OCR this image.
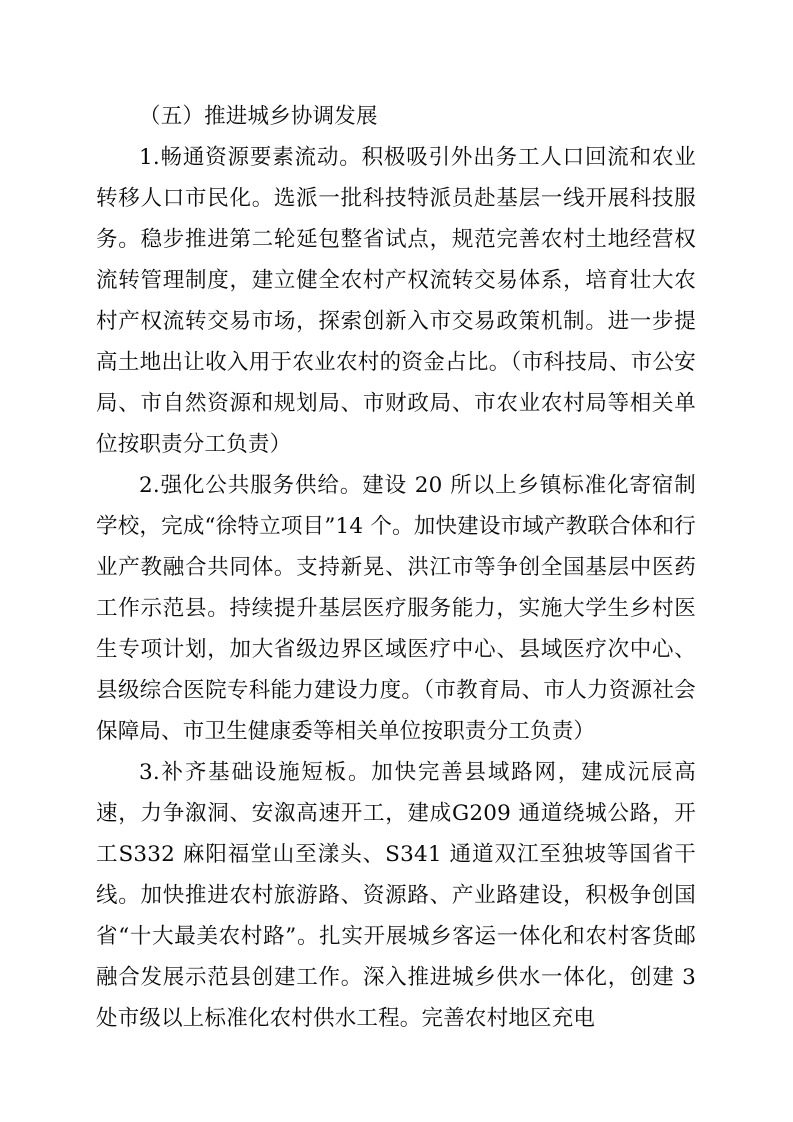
（五）推进城乡协调发展

1.畅通资源要素流动。积极吸引外出务工人口回流和农业转移人口市民化。选派一批科技特派员赴基层一线开展科技服务。稳步推进第二轮延包整省试点，规范完善农村土地经营权流转管理制度，建立健全农村产权流转交易体系，培育壮大农村产权流转交易市场，探索创新入市交易政策机制。进一步提高土地出让收入用于农业农村的资金占比。（市科技局、市公安局、市自然资源和规划局、市财政局、市农业农村局等相关单位按职责分工负责）

2.强化公共服务供给。建设 20 所以上乡镇标准化寄宿制学校，完成“徐特立项目”14 个。加快建设市域产教联合体和行业产教融合共同体。支持新晃、洪江市等争创全国基层中医药工作示范县。持续提升基层医疗服务能力，实施大学生乡村医生专项计划，加大省级边界区域医疗中心、县域医疗次中心、县级综合医院专科能力建设力度。（市教育局、市人力资源社会保障局、市卫生健康委等相关单位按职责分工负责）

3.补齐基础设施短板。加快完善县域路网，建成沅辰高速，力争溆洞、安溆高速开工，建成G209 通道绕城公路，开工S332 麻阳福堂山至漾头、S341 通道双江至独坡等国省干线。加快推进农村旅游路、资源路、产业路建设，积极争创国省“十大最美农村路”。扎实开展城乡客运一体化和农村客货邮融合发展示范县创建工作。深入推进城乡供水一体化，创建 3 处市级以上标准化农村供水工程。完善农村地区充电
